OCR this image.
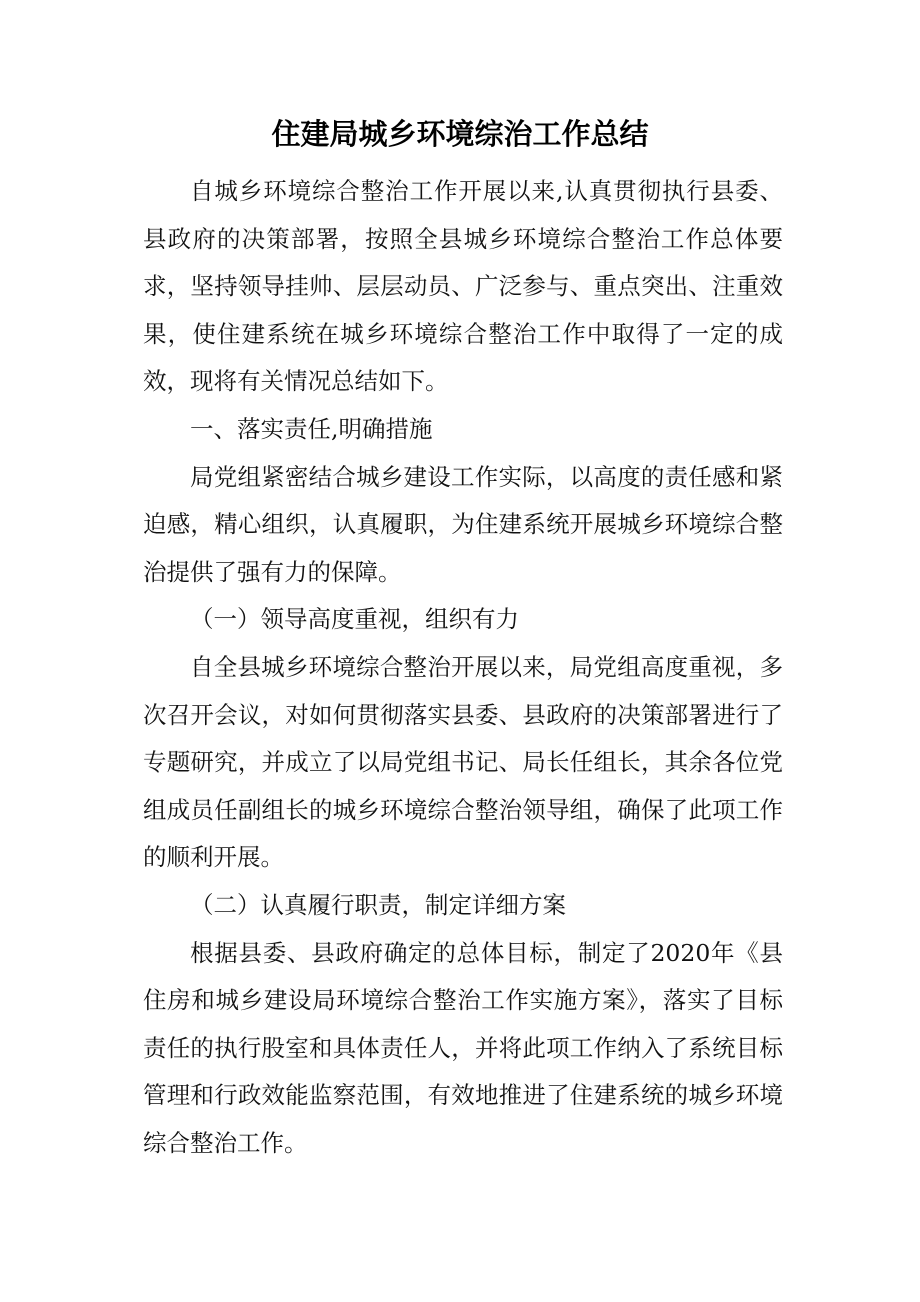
住建局城乡环境综治工作总结

自城乡环境综合整治工作开展以来,认真贯彻执行县委、县政府的决策部署，按照全县城乡环境综合整治工作总体要求，坚持领导挂帅、层层动员、广泛参与、重点突出、注重效果，使住建系统在城乡环境综合整治工作中取得了一定的成效，现将有关情况总结如下。

一、落实责任,明确措施

局党组紧密结合城乡建设工作实际，以高度的责任感和紧迫感，精心组织，认真履职，为住建系统开展城乡环境综合整治提供了强有力的保障。

（一）领导高度重视，组织有力

自全县城乡环境综合整治开展以来，局党组高度重视，多次召开会议，对如何贯彻落实县委、县政府的决策部署进行了专题研究，并成立了以局党组书记、局长任组长，其余各位党组成员任副组长的城乡环境综合整治领导组，确保了此项工作的顺利开展。

（二）认真履行职责，制定详细方案

根据县委、县政府确定的总体目标，制定了2020年《县住房和城乡建设局环境综合整治工作实施方案》，落实了目标责任的执行股室和具体责任人，并将此项工作纳入了系统目标管理和行政效能监察范围，有效地推进了住建系统的城乡环境综合整治工作。
